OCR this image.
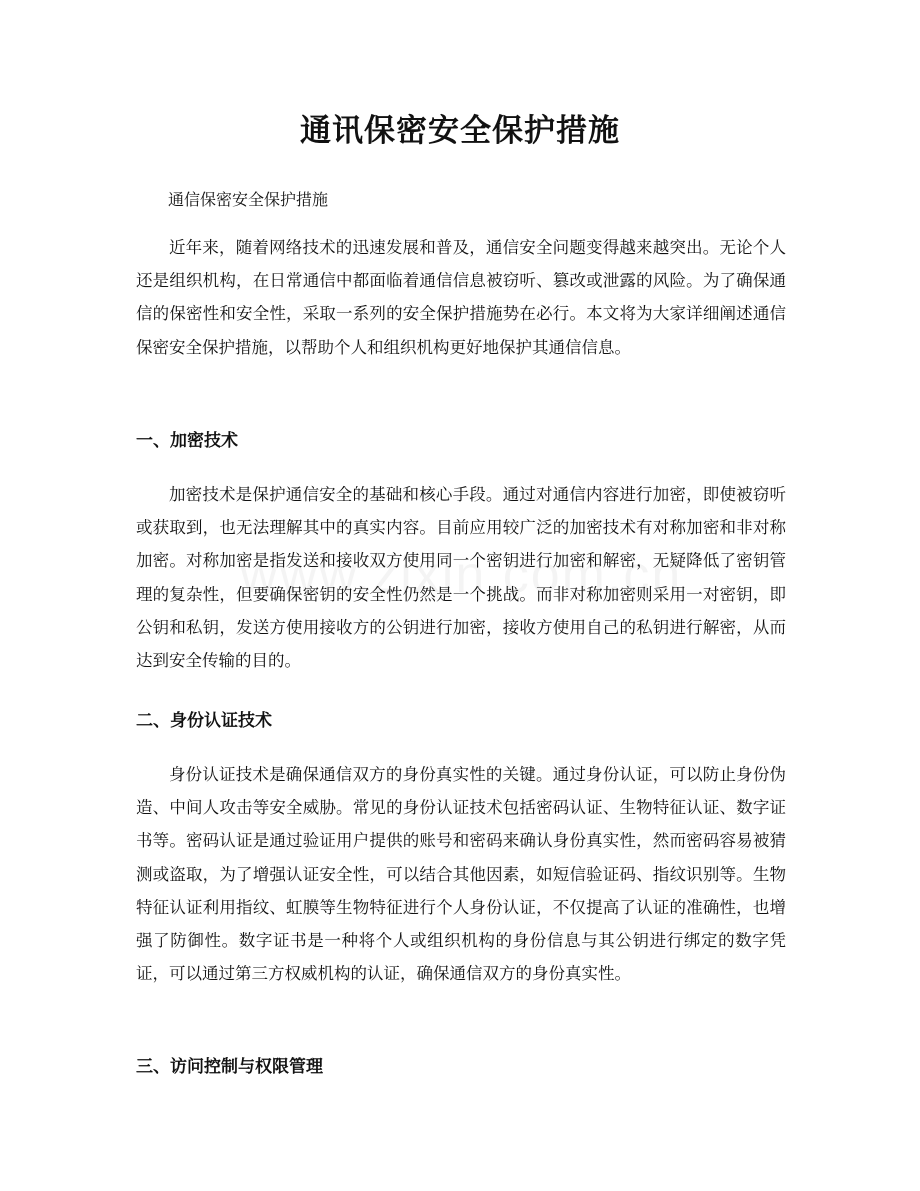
通讯保密安全保护措施

通信保密安全保护措施

近年来，随着网络技术的迅速发展和普及，通信安全问题变得越来越突出。无论个人还是组织机构，在日常通信中都面临着通信信息被窃听、篡改或泄露的风险。为了确保通信的保密性和安全性，采取一系列的安全保护措施势在必行。本文将为大家详细阐述通信保密安全保护措施，以帮助个人和组织机构更好地保护其通信信息。

一、加密技术

加密技术是保护通信安全的基础和核心手段。通过对通信内容进行加密，即使被窃听或获取到，也无法理解其中的真实内容。目前应用较广泛的加密技术有对称加密和非对称加密。对称加密是指发送和接收双方使用同一个密钥进行加密和解密，无疑降低了密钥管理的复杂性，但要确保密钥的安全性仍然是一个挑战。而非对称加密则采用一对密钥，即公钥和私钥，发送方使用接收方的公钥进行加密，接收方使用自己的私钥进行解密，从而达到安全传输的目的。

二、身份认证技术

身份认证技术是确保通信双方的身份真实性的关键。通过身份认证，可以防止身份伪造、中间人攻击等安全威胁。常见的身份认证技术包括密码认证、生物特征认证、数字证书等。密码认证是通过验证用户提供的账号和密码来确认身份真实性，然而密码容易被猜测或盗取，为了增强认证安全性，可以结合其他因素，如短信验证码、指纹识别等。生物特征认证利用指纹、虹膜等生物特征进行个人身份认证，不仅提高了认证的准确性，也增强了防御性。数字证书是一种将个人或组织机构的身份信息与其公钥进行绑定的数字凭证，可以通过第三方权威机构的认证，确保通信双方的身份真实性。

三、访问控制与权限管理
